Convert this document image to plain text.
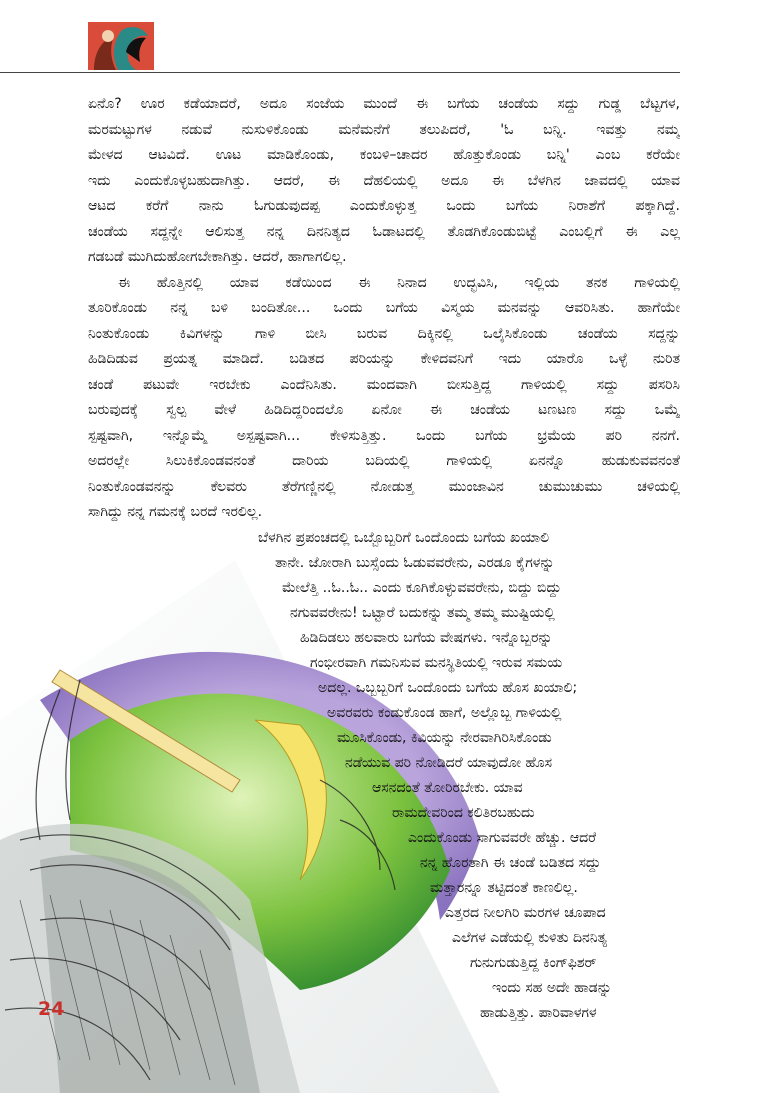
ಏನೊ? ಊರ ಕಡೆಯಾದರೆ, ಅದೂ ಸಂಜೆಯ ಮುಂದೆ ಈ ಬಗೆಯ ಚಂಡೆಯ ಸದ್ದು ಗುಡ್ಡ ಬೆಟ್ಟಗಳ,
ಮರಮಟ್ಟುಗಳ ನಡುವೆ ನುಸುಳಿಕೊಂಡು ಮನೆಮನೆಗೆ ತಲುಪಿದರೆ, 'ಓ ಬನ್ನಿ. ಇವತ್ತು ನಮ್ಮ
ಮೇಳದ ಆಟವಿದೆ. ಊಟ ಮಾಡಿಕೊಂಡು, ಕಂಬಳಿ–ಚಾದರ ಹೊತ್ತುಕೊಂಡು ಬನ್ನಿ' ಎಂಬ ಕರೆಯೇ
ಇದು ಎಂದುಕೊಳ್ಳಬಹುದಾಗಿತ್ತು. ಆದರೆ, ಈ ದೆಹಲಿಯಲ್ಲಿ ಅದೂ ಈ ಬೆಳಗಿನ ಜಾವದಲ್ಲಿ ಯಾವ
ಆಟದ ಕರೆಗೆ ನಾನು ಓಗುಡುವುದಪ್ಪ ಎಂದುಕೊಳ್ಳುತ್ತ ಒಂದು ಬಗೆಯ ನಿರಾಶೆಗೆ ಪಕ್ಕಾಗಿದ್ದೆ.
ಚಂಡೆಯ ಸದ್ದನ್ನೇ ಆಲಿಸುತ್ತ ನನ್ನ ದಿನನಿತ್ಯದ ಓಡಾಟದಲ್ಲಿ ತೊಡಗಿಕೊಂಡುಬಿಟ್ಟೆ ಎಂಬಲ್ಲಿಗೆ ಈ ಎಲ್ಲ
ಗಡಬಡೆ ಮುಗಿದುಹೋಗಬೇಕಾಗಿತ್ತು. ಆದರೆ, ಹಾಗಾಗಲಿಲ್ಲ.
ಈ ಹೊತ್ತಿನಲ್ಲಿ ಯಾವ ಕಡೆಯಿಂದ ಈ ನಿನಾದ ಉದ್ಭವಿಸಿ, ಇಲ್ಲಿಯ ತನಕ ಗಾಳಿಯಲ್ಲಿ
ತೂರಿಕೊಂಡು ನನ್ನ ಬಳಿ ಬಂದಿತೋ... ಒಂದು ಬಗೆಯ ವಿಸ್ಮಯ ಮನವನ್ನು ಆವರಿಸಿತು. ಹಾಗೆಯೇ
ನಿಂತುಕೊಂಡು ಕಿವಿಗಳನ್ನು ಗಾಳಿ ಬೀಸಿ ಬರುವ ದಿಕ್ಕಿನಲ್ಲಿ ಒಲೈಸಿಕೊಂಡು ಚಂಡೆಯ ಸದ್ದನ್ನು
ಹಿಡಿದಿಡುವ ಪ್ರಯತ್ನ ಮಾಡಿದೆ. ಬಡಿತದ ಪರಿಯನ್ನು ಕೇಳಿದವನಿಗೆ ಇದು ಯಾರೊ ಒಳ್ಳೆ ನುರಿತ
ಚಂಡೆ ಪಟುವೇ ಇರಬೇಕು ಎಂದೆನಿಸಿತು. ಮಂದವಾಗಿ ಬೀಸುತ್ತಿದ್ದ ಗಾಳಿಯಲ್ಲಿ ಸದ್ದು ಪಸರಿಸಿ
ಬರುವುದಕ್ಕೆ ಸ್ವಲ್ಪ ವೇಳೆ ಹಿಡಿದಿದ್ದರಿಂದಲೊ ಏನೋ ಈ ಚಂಡೆಯ ಟಣಟಣ ಸದ್ದು ಒಮ್ಮೆ
ಸ್ಪಷ್ಟವಾಗಿ, ಇನ್ನೊಮ್ಮೆ ಅಸ್ಪಷ್ಟವಾಗಿ... ಕೇಳಿಸುತ್ತಿತ್ತು. ಒಂದು ಬಗೆಯ ಭ್ರಮೆಯ ಪರಿ ನನಗೆ.
ಅದರಲ್ಲೇ ಸಿಲುಕಿಕೊಂಡವನಂತೆ ದಾರಿಯ ಬದಿಯಲ್ಲಿ ಗಾಳಿಯಲ್ಲಿ ಏನನ್ನೊ ಹುಡುಕುವವನಂತೆ
ನಿಂತುಕೊಂಡವನನ್ನು ಕೆಲವರು ತೆರೆಗಣ್ಣಿನಲ್ಲಿ ನೋಡುತ್ತ ಮುಂಜಾವಿನ ಚುಮುಚುಮು ಚಳಿಯಲ್ಲಿ
ಸಾಗಿದ್ದು ನನ್ನ ಗಮನಕ್ಕೆ ಬರದೆ ಇರಲಿಲ್ಲ.
ಬೆಳಗಿನ ಪ್ರಪಂಚದಲ್ಲಿ ಒಬ್ಬೊಬ್ಬರಿಗೆ ಒಂದೊಂದು ಬಗೆಯ ಖಯಾಲಿ
ತಾನೇ. ಜೋರಾಗಿ ಬುಸ್ಸೆಂದು ಓಡುವವರೇನು, ಎರಡೂ ಕೈಗಳನ್ನು
ಮೇಲೆತ್ತಿ ..ಓ..ಓ.. ಎಂದು ಕೂಗಿಕೊಳ್ಳುವವರೇನು, ಬಿದ್ದು ಬಿದ್ದು
ನಗುವವರೇನು! ಒಟ್ಟಾರೆ ಬದುಕನ್ನು ತಮ್ಮ ತಮ್ಮ ಮುಷ್ಟಿಯಲ್ಲಿ
ಹಿಡಿದಿಡಲು ಹಲವಾರು ಬಗೆಯ ವೇಷಗಳು. ಇನ್ನೊಬ್ಬರನ್ನು
ಗಂಭೀರವಾಗಿ ಗಮನಿಸುವ ಮನಸ್ಥಿತಿಯಲ್ಲಿ ಇರುವ ಸಮಯ
ಅದಲ್ಲ. ಒಬ್ಬಬ್ಬರಿಗೆ ಒಂದೊಂದು ಬಗೆಯ ಹೊಸ ಖಯಾಲಿ;
ಅವರವರು ಕಂಡುಕೊಂಡ ಹಾಗೆ, ಅಲ್ಲೊಬ್ಬ ಗಾಳಿಯಲ್ಲಿ
ಮೂಸಿಕೊಂಡು, ಕಿವಿಯನ್ನು ನೇರವಾಗಿರಿಸಿಕೊಂಡು
ನಡೆಯುವ ಪರಿ ನೋಡಿದರೆ ಯಾವುದೋ ಹೊಸ
ಆಸನದಂತೆ ತೋರಿರಬೇಕು. ಯಾವ
ರಾಮದೇವರಿಂದ ಕಲಿತಿರಬಹುದು
ಎಂದುಕೊಂಡು ಸಾಗುವವರೇ ಹೆಚ್ಚು. ಆದರೆ
ನನ್ನ ಹೊರತಾಗಿ ಈ ಚಂಡೆ ಬಡಿತದ ಸದ್ದು
ಮತ್ತಾರನ್ನೂ ತಟ್ಟಿದಂತೆ ಕಾಣಲಿಲ್ಲ.
ಎತ್ತರದ ನೀಲಗಿರಿ ಮರಗಳ ಚೂಪಾದ
ಎಲೆಗಳ ಎಡೆಯಲ್ಲಿ ಕುಳಿತು ದಿನನಿತ್ಯ
ಗುನುಗುಡುತ್ತಿದ್ದ ಕಿಂಗ್‌ಫಿಶರ್
ಇಂದು ಸಹ ಅದೇ ಹಾಡನ್ನು
ಹಾಡುತ್ತಿತ್ತು. ಪಾರಿವಾಳಗಳ
24
